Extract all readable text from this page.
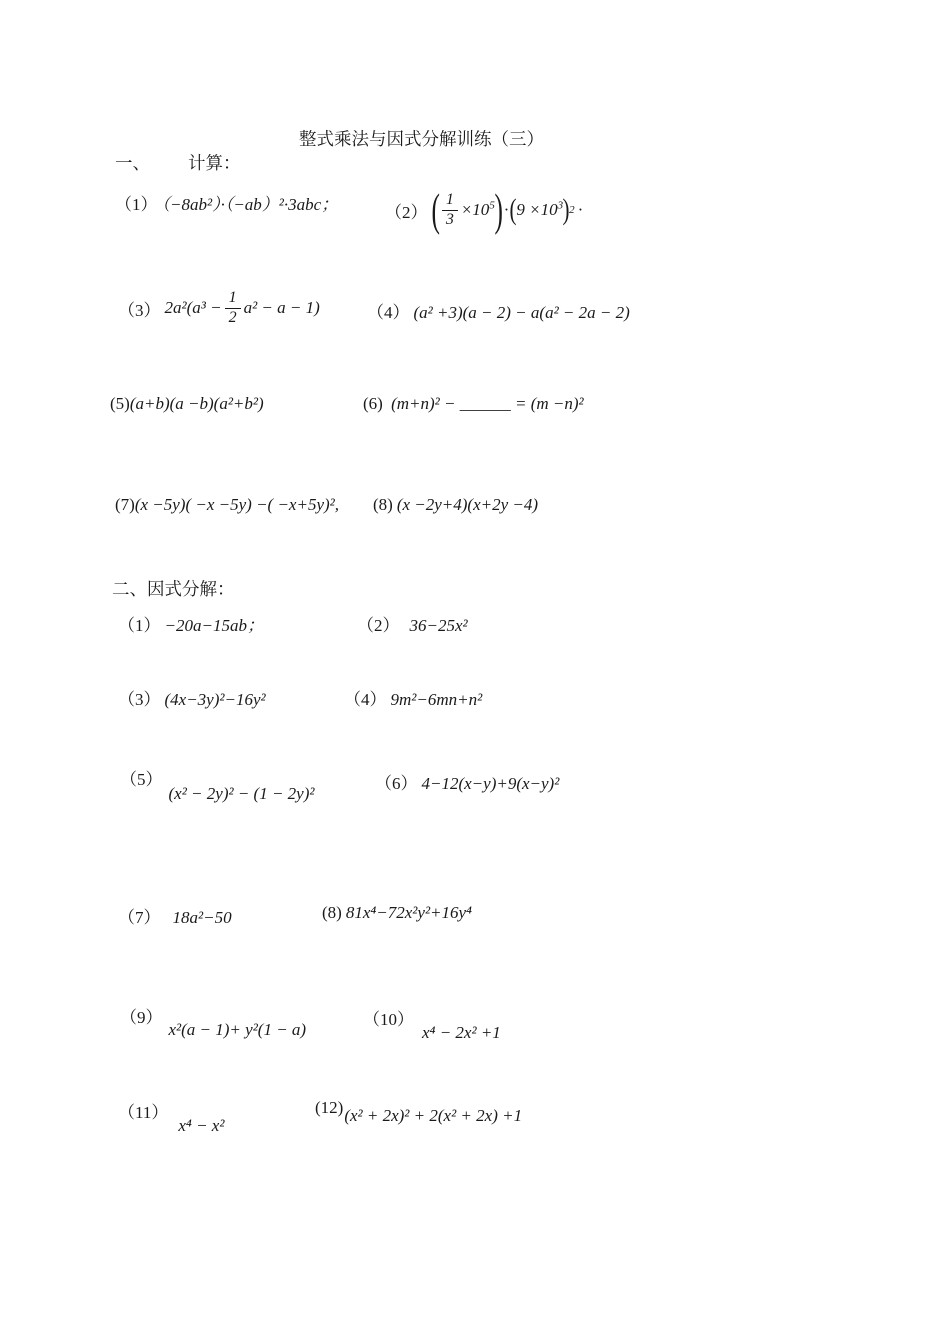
整式乘法与因式分解训练（三）
一、 计算：
（1） （−8ab²）·（−ab）²·3abc；	（2） ( $\frac{1}{3} \times 10^5$ ) · ( $9 \times 10^3$ ) 2 ·
（3） $2a^2(a^3 - \frac{1}{2} a^2 - a - 1)$	（4） (a² +3)(a − 2) − a(a² − 2a − 2)
(5)(a+b)(a −b)(a²+b²)	(6) (m+n)² − ______ = (m −n)²
(7)(x −5y)( −x −5y) −( −x+5y)², (8) (x −2y+4)(x+2y −4)
二、因式分解：
（1） −20a−15ab；	（2） 36−25x²
（3） (4x−3y)²−16y²	（4） 9m²−6mn+n²
（5）(x² − 2y)² − (1 − 2y)²
（6） 4−12(x−y)+9(x−y)²
（7） 18a²−50	(8) 81x⁴−72x²y²+16y⁴
（9）x²(a − 1)+ y²(1 − a)
（10）x⁴ − 2x² +1
（11）x⁴ − x²
(12)(x² + 2x)² + 2(x² + 2x) +1
